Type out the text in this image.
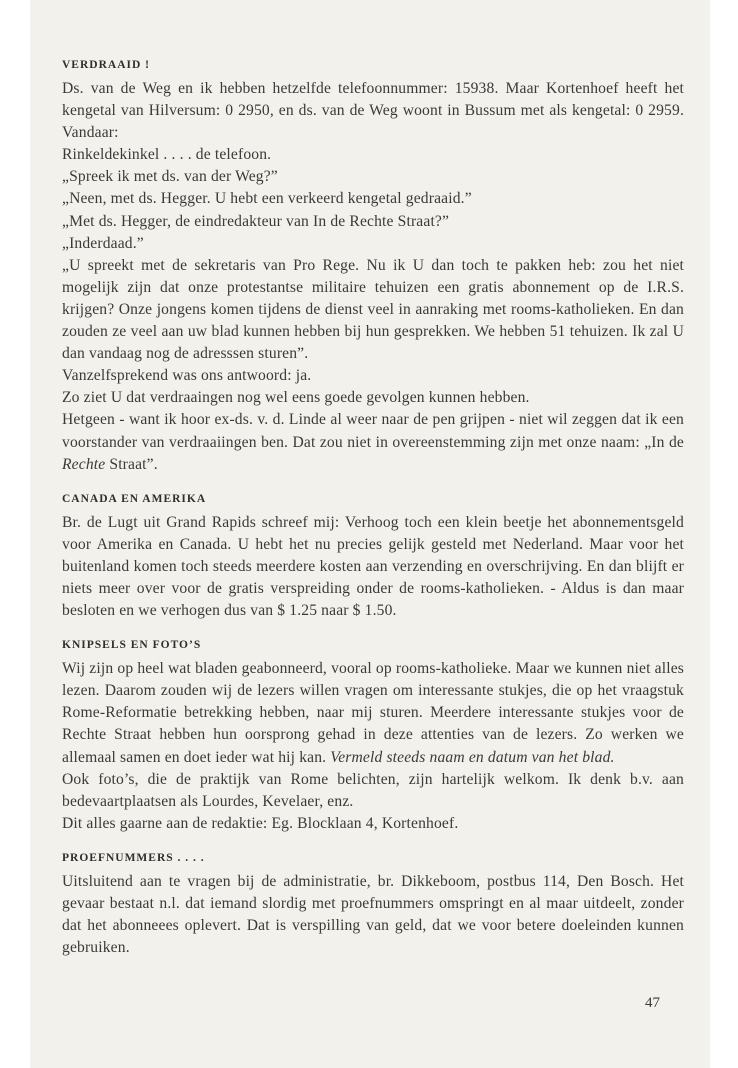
VERDRAAID !

Ds. van de Weg en ik hebben hetzelfde telefoonnummer: 15938. Maar Kortenhoef heeft het kengetal van Hilversum: 0 2950, en ds. van de Weg woont in Bussum met als kengetal: 0 2959. Vandaar:

Rinkeldekinkel . . . . de telefoon.

„Spreek ik met ds. van der Weg?”

„Neen, met ds. Hegger. U hebt een verkeerd kengetal gedraaid.”

„Met ds. Hegger, de eindredakteur van In de Rechte Straat?”

„Inderdaad.”

„U spreekt met de sekretaris van Pro Rege. Nu ik U dan toch te pakken heb: zou het niet mogelijk zijn dat onze protestantse militaire tehuizen een gratis abonnement op de I.R.S. krijgen? Onze jongens komen tijdens de dienst veel in aanraking met rooms-katholieken. En dan zouden ze veel aan uw blad kunnen hebben bij hun gesprekken. We hebben 51 tehuizen. Ik zal U dan vandaag nog de adresssen sturen”.

Vanzelfsprekend was ons antwoord: ja.

Zo ziet U dat verdraaingen nog wel eens goede gevolgen kunnen hebben.

Hetgeen - want ik hoor ex-ds. v. d. Linde al weer naar de pen grijpen - niet wil zeggen dat ik een voorstander van verdraaiingen ben. Dat zou niet in overeenstemming zijn met onze naam: „In de Rechte Straat”.

CANADA EN AMERIKA

Br. de Lugt uit Grand Rapids schreef mij: Verhoog toch een klein beetje het abonnementsgeld voor Amerika en Canada. U hebt het nu precies gelijk gesteld met Nederland. Maar voor het buitenland komen toch steeds meerdere kosten aan verzending en overschrijving. En dan blijft er niets meer over voor de gratis verspreiding onder de rooms-katholieken. - Aldus is dan maar besloten en we verhogen dus van $ 1.25 naar $ 1.50.

KNIPSELS EN FOTO’S

Wij zijn op heel wat bladen geabonneerd, vooral op rooms-katholieke. Maar we kunnen niet alles lezen. Daarom zouden wij de lezers willen vragen om interessante stukjes, die op het vraagstuk Rome-Reformatie betrekking hebben, naar mij sturen. Meerdere interessante stukjes voor de Rechte Straat hebben hun oorsprong gehad in deze attenties van de lezers. Zo werken we allemaal samen en doet ieder wat hij kan. Vermeld steeds naam en datum van het blad.

Ook foto’s, die de praktijk van Rome belichten, zijn hartelijk welkom. Ik denk b.v. aan bedevaartplaatsen als Lourdes, Kevelaer, enz.

Dit alles gaarne aan de redaktie: Eg. Blocklaan 4, Kortenhoef.

PROEFNUMMERS . . . .

Uitsluitend aan te vragen bij de administratie, br. Dikkeboom, postbus 114, Den Bosch. Het gevaar bestaat n.l. dat iemand slordig met proefnummers omspringt en al maar uitdeelt, zonder dat het abonneees oplevert. Dat is verspilling van geld, dat we voor betere doeleinden kunnen gebruiken.

47
